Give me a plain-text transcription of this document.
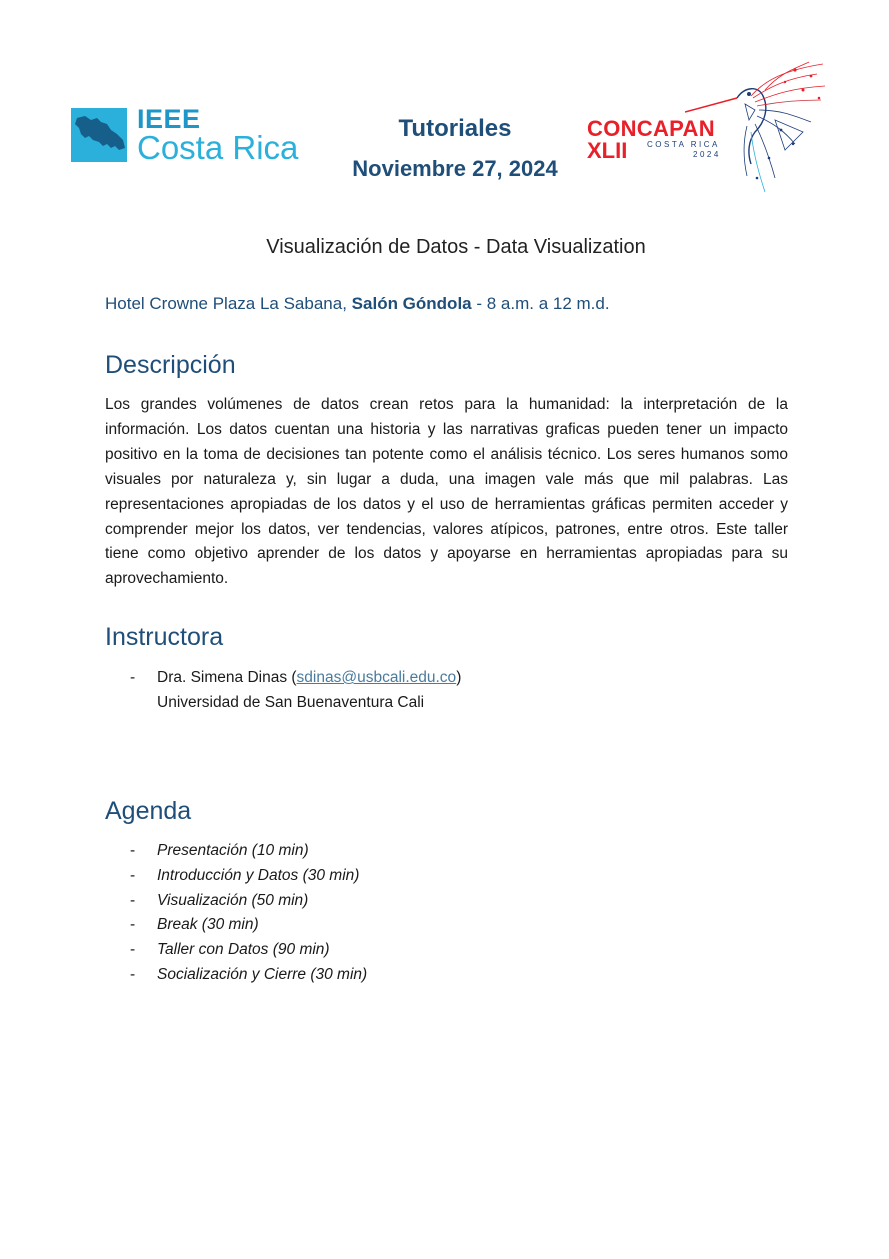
IEEE
Costa Rica
Tutoriales
Noviembre 27, 2024
CONCAPAN
XLII COSTA RICA
2024
Visualización de Datos - Data Visualization
Hotel Crowne Plaza La Sabana, Salón Góndola - 8 a.m. a 12 m.d.
Descripción
Los grandes volúmenes de datos crean retos para la humanidad: la interpretación de la información. Los datos cuentan una historia y las narrativas graficas pueden tener un impacto positivo en la toma de decisiones tan potente como el análisis técnico. Los seres humanos somo visuales por naturaleza y, sin lugar a duda, una imagen vale más que mil palabras. Las representaciones apropiadas de los datos y el uso de herramientas gráficas permiten acceder y comprender mejor los datos, ver tendencias, valores atípicos, patrones, entre otros. Este taller tiene como objetivo aprender de los datos y apoyarse en herramientas apropiadas para su aprovechamiento.
Instructora
- Dra. Simena Dinas (sdinas@usbcali.edu.co)
Universidad de San Buenaventura Cali
Agenda
- Presentación (10 min)
- Introducción y Datos (30 min)
- Visualización (50 min)
- Break (30 min)
- Taller con Datos (90 min)
- Socialización y Cierre (30 min)
